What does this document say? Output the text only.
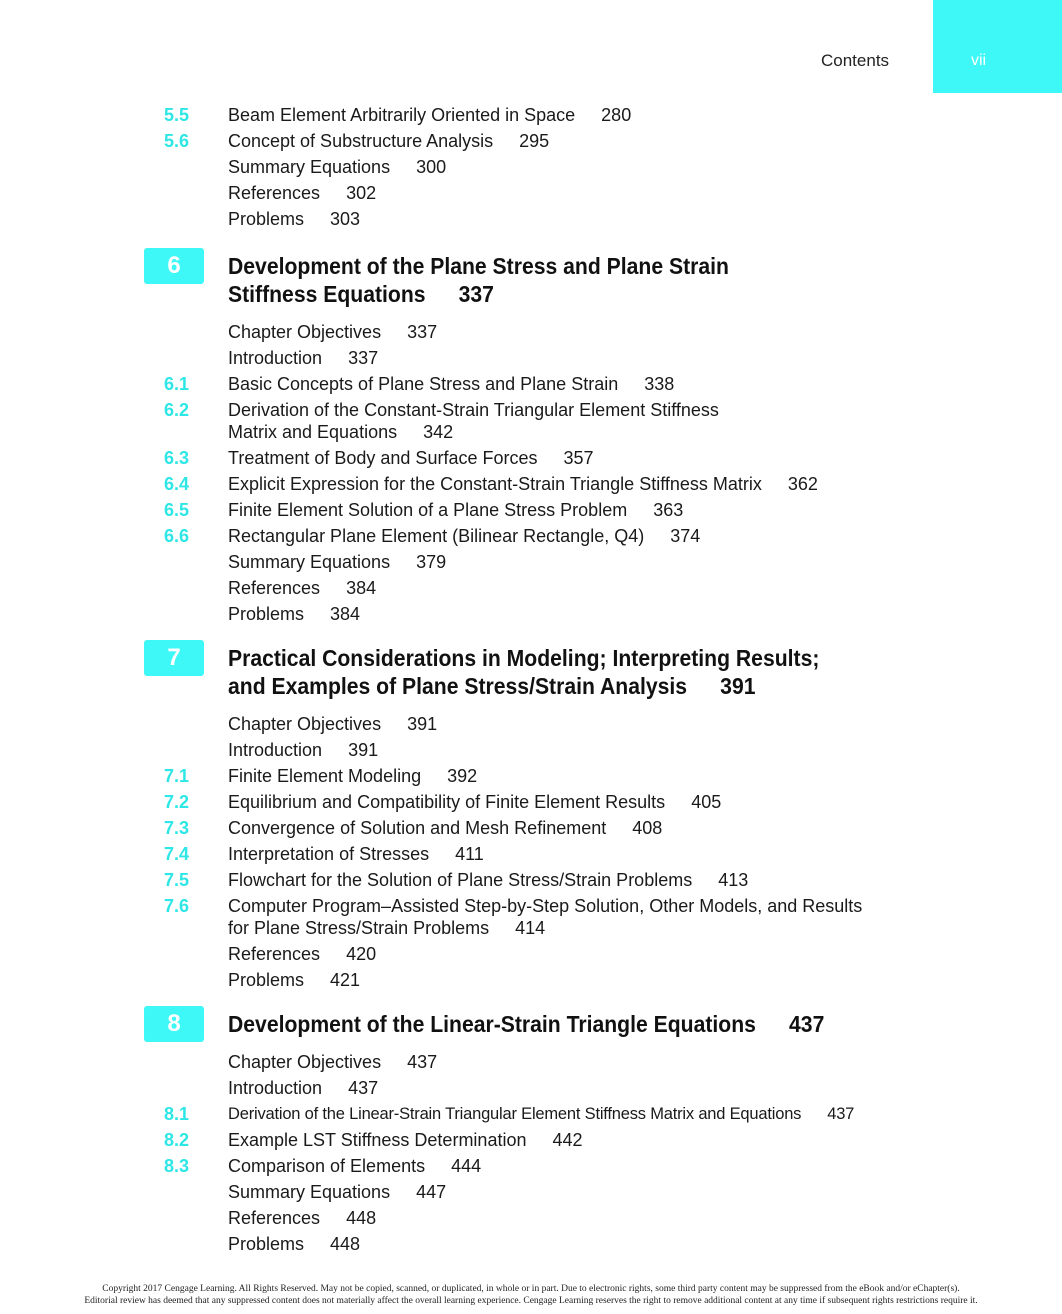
Contents	vii
5.5 Beam Element Arbitrarily Oriented in Space 280
5.6 Concept of Substructure Analysis 295
Summary Equations 300
References 302
Problems 303
6	Development of the Plane Stress and Plane Strain
Stiffness Equations 337
Chapter Objectives 337
Introduction 337
6.1 Basic Concepts of Plane Stress and Plane Strain 338
6.2 Derivation of the Constant-Strain Triangular Element Stiffness
Matrix and Equations 342
6.3 Treatment of Body and Surface Forces 357
6.4 Explicit Expression for the Constant-Strain Triangle Stiffness Matrix 362
6.5 Finite Element Solution of a Plane Stress Problem 363
6.6 Rectangular Plane Element (Bilinear Rectangle, Q4) 374
Summary Equations 379
References 384
Problems 384
7	Practical Considerations in Modeling; Interpreting Results;
and Examples of Plane Stress/Strain Analysis 391
Chapter Objectives 391
Introduction 391
7.1 Finite Element Modeling 392
7.2 Equilibrium and Compatibility of Finite Element Results 405
7.3 Convergence of Solution and Mesh Refinement 408
7.4 Interpretation of Stresses 411
7.5 Flowchart for the Solution of Plane Stress/Strain Problems 413
7.6 Computer Program–Assisted Step-by-Step Solution, Other Models, and Results
for Plane Stress/Strain Problems 414
References 420
Problems 421
8	Development of the Linear-Strain Triangle Equations 437
Chapter Objectives 437
Introduction 437
8.1 Derivation of the Linear-Strain Triangular Element Stiffness Matrix and Equations 437
8.2 Example LST Stiffness Determination 442
8.3 Comparison of Elements 444
Summary Equations 447
References 448
Problems 448
Copyright 2017 Cengage Learning. All Rights Reserved. May not be copied, scanned, or duplicated, in whole or in part. Due to electronic rights, some third party content may be suppressed from the eBook and/or eChapter(s).
Editorial review has deemed that any suppressed content does not materially affect the overall learning experience. Cengage Learning reserves the right to remove additional content at any time if subsequent rights restrictions require it.
